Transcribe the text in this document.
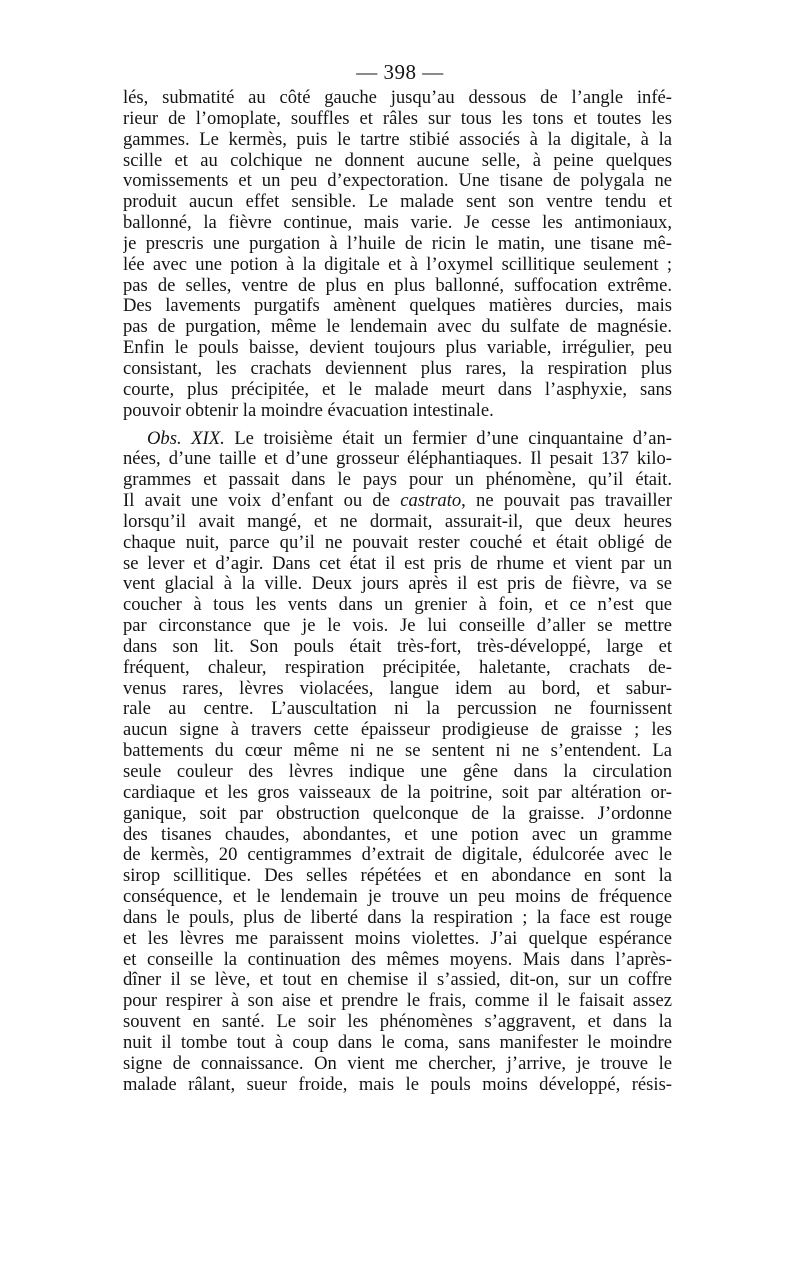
— 398 —
lés, submatité au côté gauche jusqu’au dessous de l’angle infé-
rieur de l’omoplate, souffles et râles sur tous les tons et toutes les
gammes. Le kermès, puis le tartre stibié associés à la digitale, à la
scille et au colchique ne donnent aucune selle, à peine quelques
vomissements et un peu d’expectoration. Une tisane de polygala ne
produit aucun effet sensible. Le malade sent son ventre tendu et
ballonné, la fièvre continue, mais varie. Je cesse les antimoniaux,
je prescris une purgation à l’huile de ricin le matin, une tisane mê-
lée avec une potion à la digitale et à l’oxymel scillitique seulement ;
pas de selles, ventre de plus en plus ballonné, suffocation extrême.
Des lavements purgatifs amènent quelques matières durcies, mais
pas de purgation, même le lendemain avec du sulfate de magnésie.
Enfin le pouls baisse, devient toujours plus variable, irrégulier, peu
consistant, les crachats deviennent plus rares, la respiration plus
courte, plus précipitée, et le malade meurt dans l’asphyxie, sans
pouvoir obtenir la moindre évacuation intestinale.
Obs. XIX. Le troisième était un fermier d’une cinquantaine d’an-
nées, d’une taille et d’une grosseur éléphantiaques. Il pesait 137 kilo-
grammes et passait dans le pays pour un phénomène, qu’il était.
Il avait une voix d’enfant ou de castrato, ne pouvait pas travailler
lorsqu’il avait mangé, et ne dormait, assurait-il, que deux heures
chaque nuit, parce qu’il ne pouvait rester couché et était obligé de
se lever et d’agir. Dans cet état il est pris de rhume et vient par un
vent glacial à la ville. Deux jours après il est pris de fièvre, va se
coucher à tous les vents dans un grenier à foin, et ce n’est que
par circonstance que je le vois. Je lui conseille d’aller se mettre
dans son lit. Son pouls était très-fort, très-développé, large et
fréquent, chaleur, respiration précipitée, haletante, crachats de-
venus rares, lèvres violacées, langue idem au bord, et sabur-
rale au centre. L’auscultation ni la percussion ne fournissent
aucun signe à travers cette épaisseur prodigieuse de graisse ; les
battements du cœur même ni ne se sentent ni ne s’entendent. La
seule couleur des lèvres indique une gêne dans la circulation
cardiaque et les gros vaisseaux de la poitrine, soit par altération or-
ganique, soit par obstruction quelconque de la graisse. J’ordonne
des tisanes chaudes, abondantes, et une potion avec un gramme
de kermès, 20 centigrammes d’extrait de digitale, édulcorée avec le
sirop scillitique. Des selles répétées et en abondance en sont la
conséquence, et le lendemain je trouve un peu moins de fréquence
dans le pouls, plus de liberté dans la respiration ; la face est rouge
et les lèvres me paraissent moins violettes. J’ai quelque espérance
et conseille la continuation des mêmes moyens. Mais dans l’après-
dîner il se lève, et tout en chemise il s’assied, dit-on, sur un coffre
pour respirer à son aise et prendre le frais, comme il le faisait assez
souvent en santé. Le soir les phénomènes s’aggravent, et dans la
nuit il tombe tout à coup dans le coma, sans manifester le moindre
signe de connaissance. On vient me chercher, j’arrive, je trouve le
malade râlant, sueur froide, mais le pouls moins développé, résis-
